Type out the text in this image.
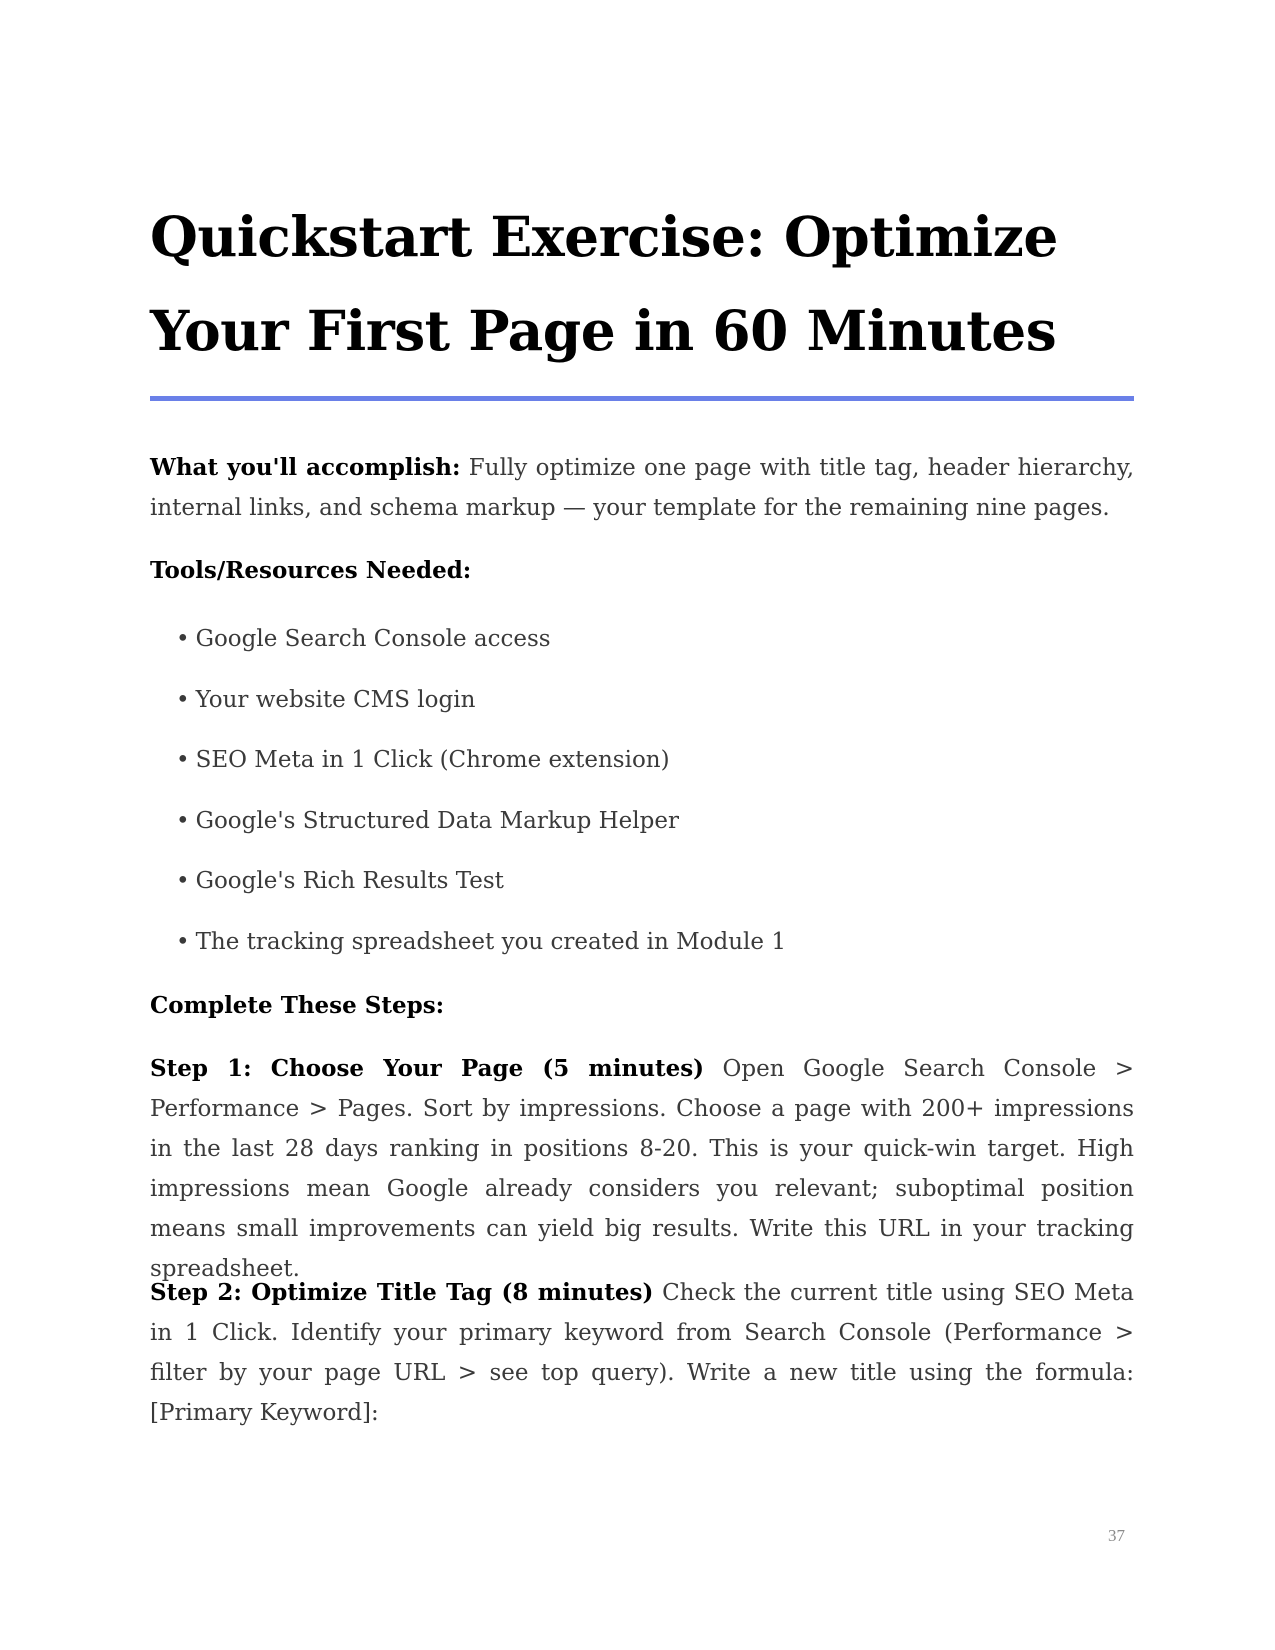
Quickstart Exercise: Optimize Your First Page in 60 Minutes

What you'll accomplish: Fully optimize one page with title tag, header hierarchy, internal links, and schema markup — your template for the remaining nine pages.

Tools/Resources Needed:

• Google Search Console access
• Your website CMS login
• SEO Meta in 1 Click (Chrome extension)
• Google's Structured Data Markup Helper
• Google's Rich Results Test
• The tracking spreadsheet you created in Module 1

Complete These Steps:

Step 1: Choose Your Page (5 minutes) Open Google Search Console > Performance > Pages. Sort by impressions. Choose a page with 200+ impressions in the last 28 days ranking in positions 8-20. This is your quick-win target. High impressions mean Google already considers you relevant; suboptimal position means small improvements can yield big results. Write this URL in your tracking spreadsheet.

Step 2: Optimize Title Tag (8 minutes) Check the current title using SEO Meta in 1 Click. Identify your primary keyword from Search Console (Performance > filter by your page URL > see top query). Write a new title using the formula: [Primary Keyword]:

37
